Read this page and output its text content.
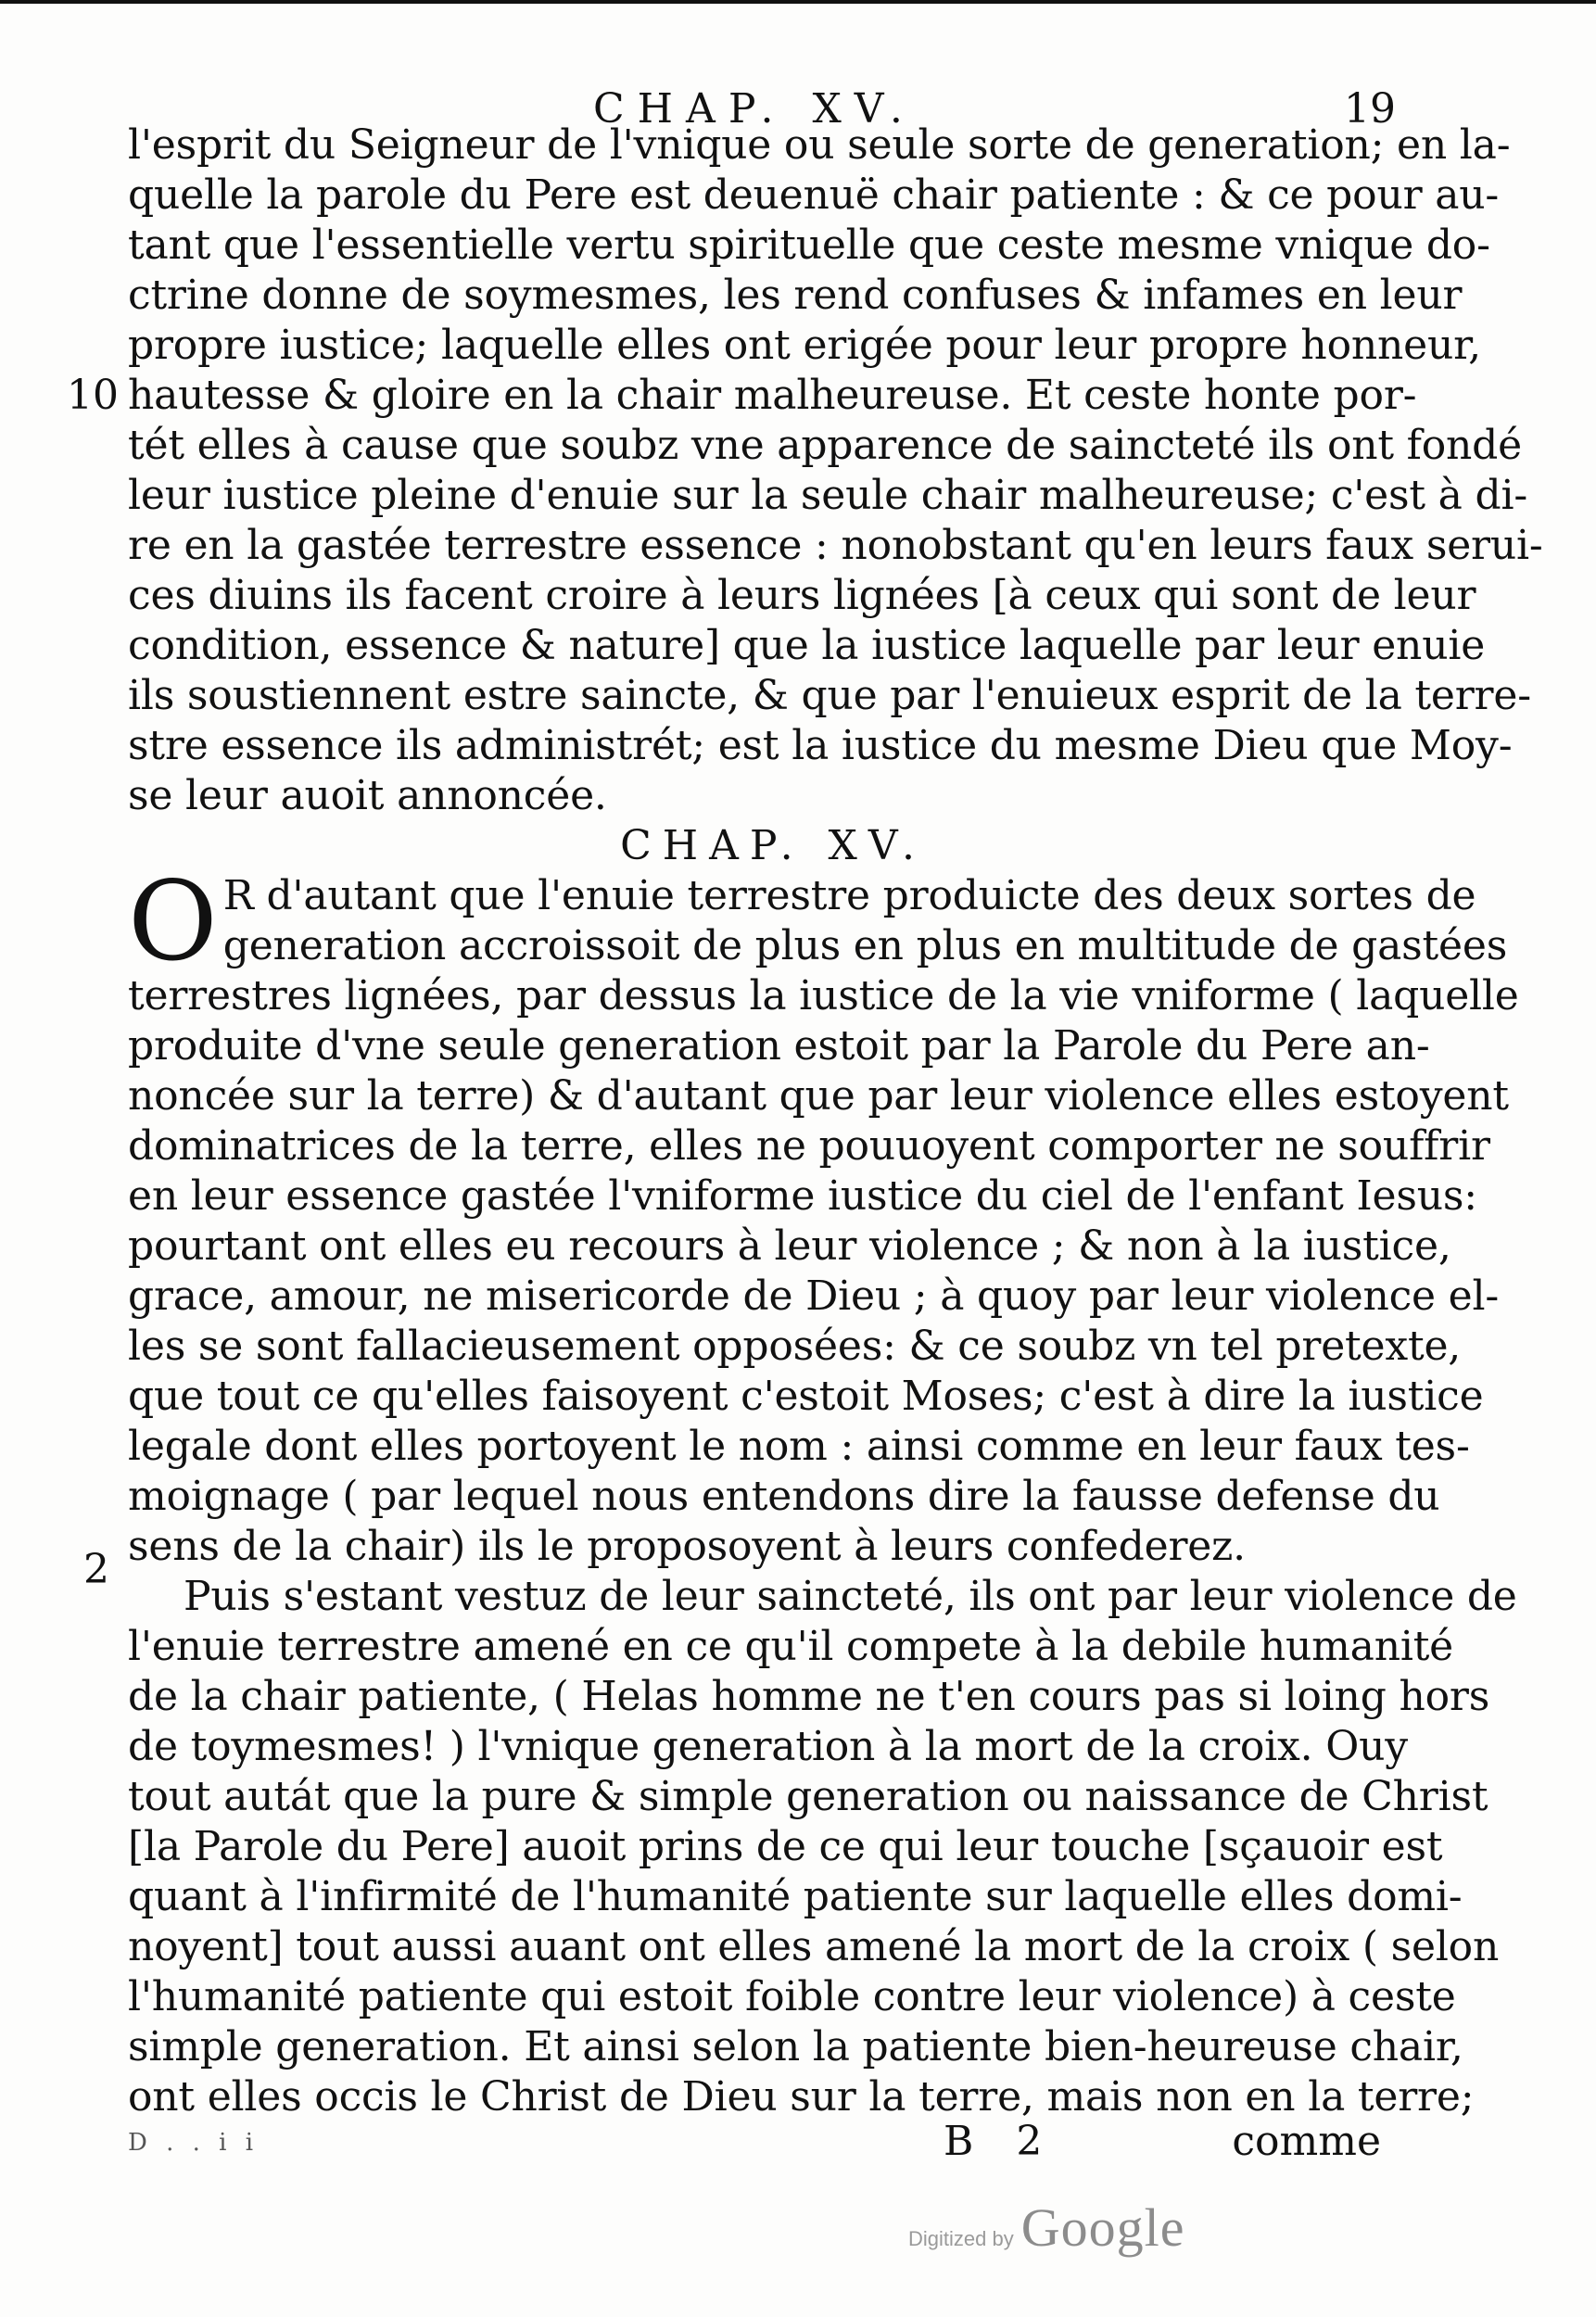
CHAP. XV.	19
10
2
l'esprit du Seigneur de l'vnique ou seule sorte de generation; en la-
quelle la parole du Pere est deuenuë chair patiente : & ce pour au-
tant que l'essentielle vertu spirituelle que ceste mesme vnique do-
ctrine donne de soymesmes, les rend confuses & infames en leur
propre iustice; laquelle elles ont erigée pour leur propre honneur,
hautesse & gloire en la chair malheureuse. Et ceste honte por-
tét elles à cause que soubz vne apparence de saincteté ils ont fondé
leur iustice pleine d'enuie sur la seule chair malheureuse; c'est à di-
re en la gastée terrestre essence : nonobstant qu'en leurs faux serui-
ces diuins ils facent croire à leurs lignées [à ceux qui sont de leur
condition, essence & nature] que la iustice laquelle par leur enuie
ils soustiennent estre saincte, & que par l'enuieux esprit de la terre-
stre essence ils administrét; est la iustice du mesme Dieu que Moy-
se leur auoit annoncée.
CHAP. XV.
O R d'autant que l'enuie terrestre produicte des deux sortes de
generation accroissoit de plus en plus en multitude de gastées
terrestres lignées, par dessus la iustice de la vie vniforme ( laquelle
produite d'vne seule generation estoit par la Parole du Pere an-
noncée sur la terre) & d'autant que par leur violence elles estoyent
dominatrices de la terre, elles ne pouuoyent comporter ne souffrir
en leur essence gastée l'vniforme iustice du ciel de l'enfant Iesus:
pourtant ont elles eu recours à leur violence ; & non à la iustice,
grace, amour, ne misericorde de Dieu ; à quoy par leur violence el-
les se sont fallacieusement opposées: & ce soubz vn tel pretexte,
que tout ce qu'elles faisoyent c'estoit Moses; c'est à dire la iustice
legale dont elles portoyent le nom : ainsi comme en leur faux tes-
moignage ( par lequel nous entendons dire la fausse defense du
sens de la chair) ils le proposoyent à leurs confederez.
Puis s'estant vestuz de leur saincteté, ils ont par leur violence de
l'enuie terrestre amené en ce qu'il compete à la debile humanité
de la chair patiente, ( Helas homme ne t'en cours pas si loing hors
de toymesmes! ) l'vnique generation à la mort de la croix. Ouy
tout autát que la pure & simple generation ou naissance de Christ
[la Parole du Pere] auoit prins de ce qui leur touche [sçauoir est
quant à l'infirmité de l'humanité patiente sur laquelle elles domi-
noyent] tout aussi auant ont elles amené la mort de la croix ( selon
l'humanité patiente qui estoit foible contre leur violence) à ceste
simple generation. Et ainsi selon la patiente bien-heureuse chair,
ont elles occis le Christ de Dieu sur la terre, mais non en la terre;
D . . i i	B 2	comme
Digitized by Google
